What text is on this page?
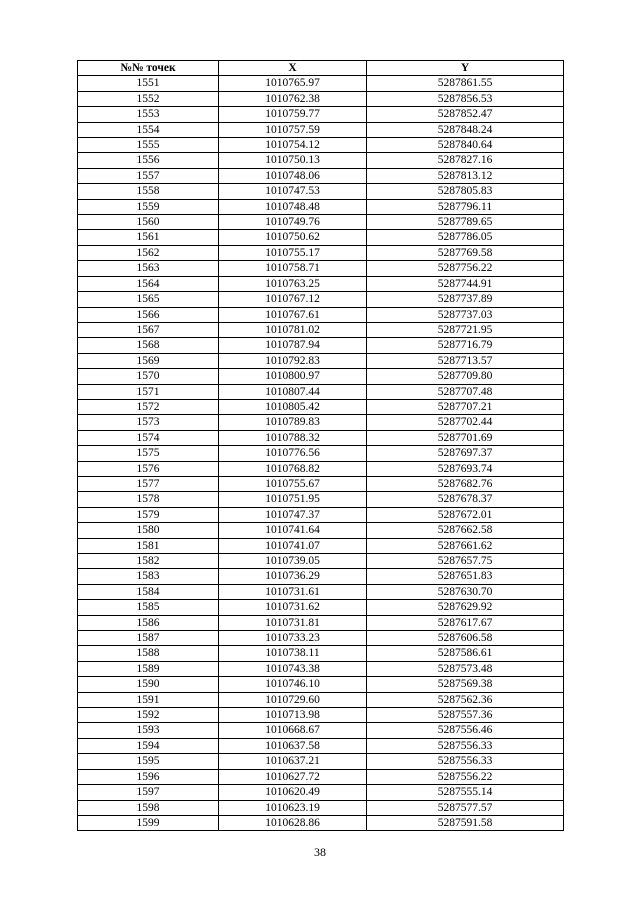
№№ точек	X	Y
1551	1010765.97	5287861.55
1552	1010762.38	5287856.53
1553	1010759.77	5287852.47
1554	1010757.59	5287848.24
1555	1010754.12	5287840.64
1556	1010750.13	5287827.16
1557	1010748.06	5287813.12
1558	1010747.53	5287805.83
1559	1010748.48	5287796.11
1560	1010749.76	5287789.65
1561	1010750.62	5287786.05
1562	1010755.17	5287769.58
1563	1010758.71	5287756.22
1564	1010763.25	5287744.91
1565	1010767.12	5287737.89
1566	1010767.61	5287737.03
1567	1010781.02	5287721.95
1568	1010787.94	5287716.79
1569	1010792.83	5287713.57
1570	1010800.97	5287709.80
1571	1010807.44	5287707.48
1572	1010805.42	5287707.21
1573	1010789.83	5287702.44
1574	1010788.32	5287701.69
1575	1010776.56	5287697.37
1576	1010768.82	5287693.74
1577	1010755.67	5287682.76
1578	1010751.95	5287678.37
1579	1010747.37	5287672.01
1580	1010741.64	5287662.58
1581	1010741.07	5287661.62
1582	1010739.05	5287657.75
1583	1010736.29	5287651.83
1584	1010731.61	5287630.70
1585	1010731.62	5287629.92
1586	1010731.81	5287617.67
1587	1010733.23	5287606.58
1588	1010738.11	5287586.61
1589	1010743.38	5287573.48
1590	1010746.10	5287569.38
1591	1010729.60	5287562.36
1592	1010713.98	5287557.36
1593	1010668.67	5287556.46
1594	1010637.58	5287556.33
1595	1010637.21	5287556.33
1596	1010627.72	5287556.22
1597	1010620.49	5287555.14
1598	1010623.19	5287577.57
1599	1010628.86	5287591.58
38
